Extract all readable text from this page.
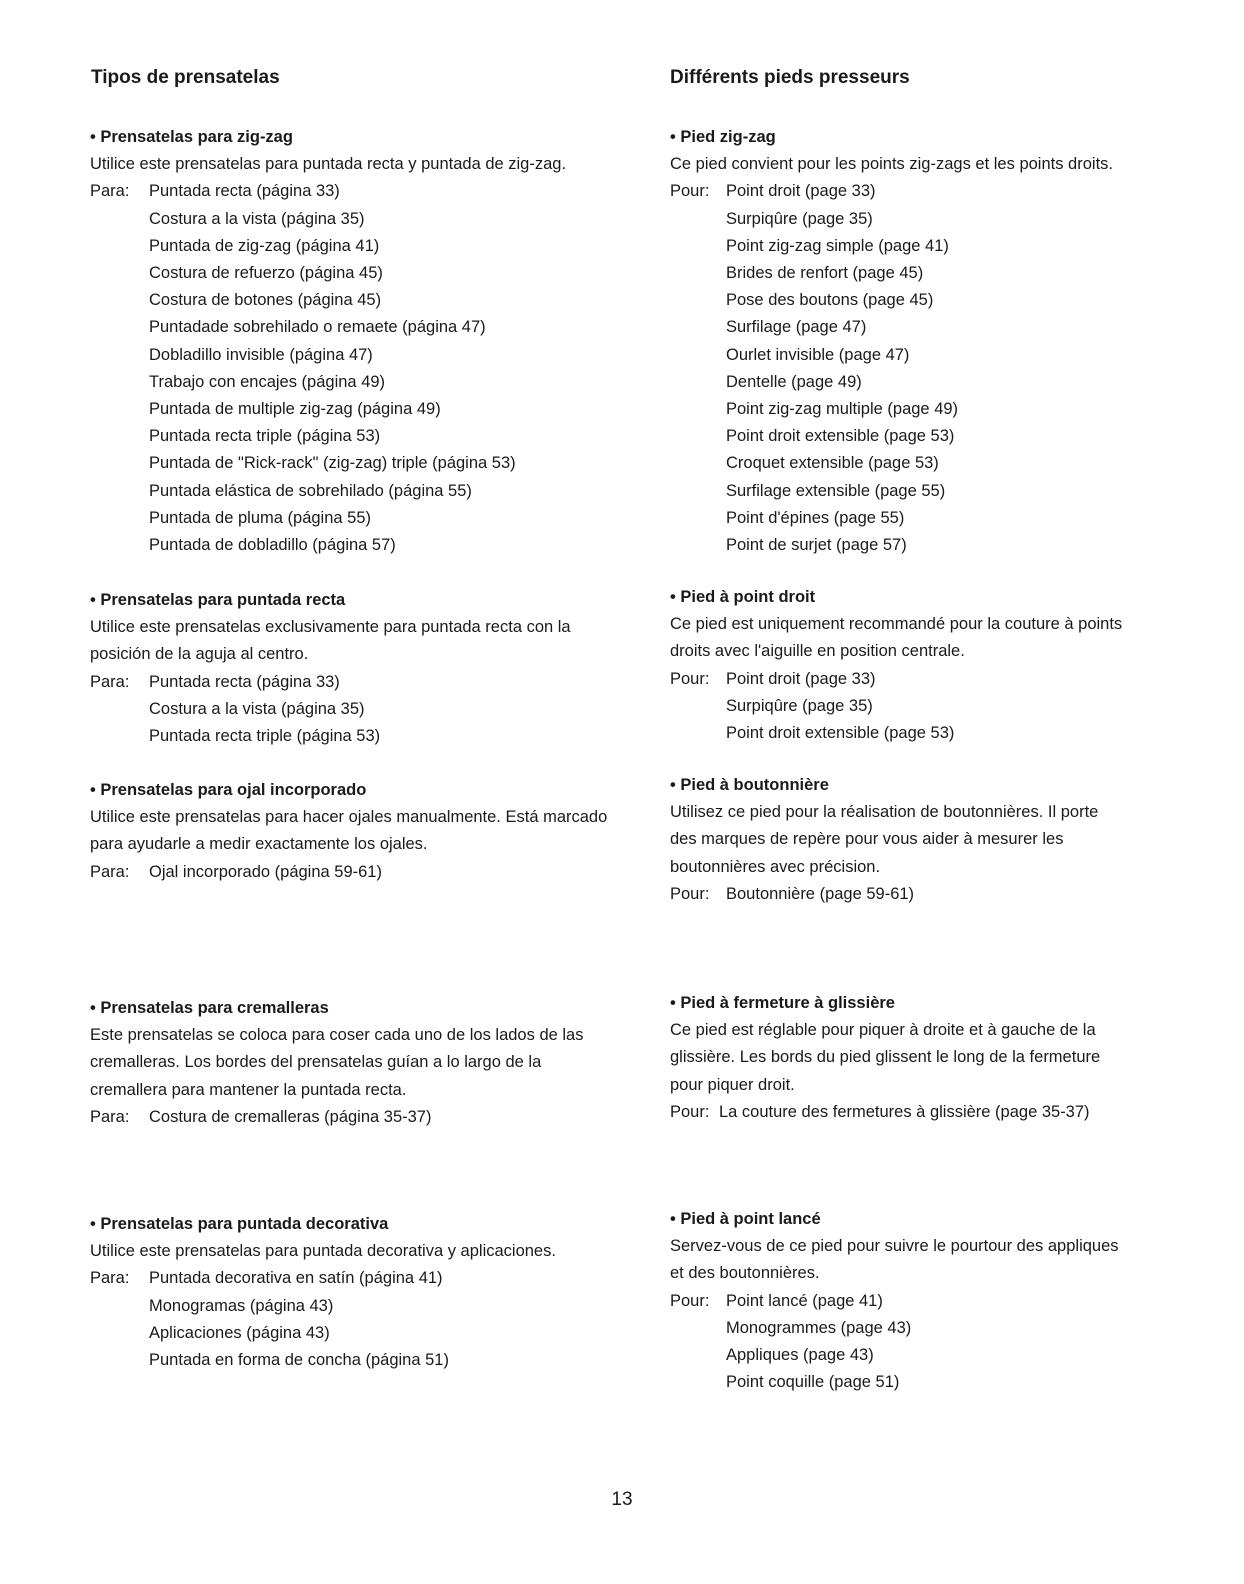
Tipos de prensatelas

• Prensatelas para zig-zag

Utilice este prensatelas para puntada recta y puntada de zig-zag.

Para:	Puntada recta (página 33)
Costura a la vista (página 35)
Puntada de zig-zag (página 41)
Costura de refuerzo (página 45)
Costura de botones (página 45)
Puntadade sobrehilado o remaete (página 47)
Dobladillo invisible (página 47)
Trabajo con encajes (página 49)
Puntada de multiple zig-zag (página 49)
Puntada recta triple (página 53)
Puntada de "Rick-rack" (zig-zag) triple (página 53)
Puntada elástica de sobrehilado (página 55)
Puntada de pluma (página 55)
Puntada de dobladillo (página 57)

• Prensatelas para puntada recta

Utilice este prensatelas exclusivamente para puntada recta con la

posición de la aguja al centro.

Para:	Puntada recta (página 33)
Costura a la vista (página 35)
Puntada recta triple (página 53)

• Prensatelas para ojal incorporado

Utilice este prensatelas para hacer ojales manualmente. Está marcado

para ayudarle a medir exactamente los ojales.

Para:	Ojal incorporado (página 59-61)

• Prensatelas para cremalleras

Este prensatelas se coloca para coser cada uno de los lados de las

cremalleras. Los bordes del prensatelas guían a lo largo de la

cremallera para mantener la puntada recta.

Para:	Costura de cremalleras (página 35-37)

• Prensatelas para puntada decorativa

Utilice este prensatelas para puntada decorativa y aplicaciones.

Para:	Puntada decorativa en satín (página 41)
Monogramas (página 43)
Aplicaciones (página 43)
Puntada en forma de concha (página 51)
Différents pieds presseurs

• Pied zig-zag

Ce pied convient pour les points zig-zags et les points droits.

Pour:	Point droit (page 33)
Surpiqûre (page 35)
Point zig-zag simple (page 41)
Brides de renfort (page 45)
Pose des boutons (page 45)
Surfilage (page 47)
Ourlet invisible (page 47)
Dentelle (page 49)
Point zig-zag multiple (page 49)
Point droit extensible (page 53)
Croquet extensible (page 53)
Surfilage extensible (page 55)
Point d'épines (page 55)
Point de surjet (page 57)

• Pied à point droit

Ce pied est uniquement recommandé pour la couture à points

droits avec l'aiguille en position centrale.

Pour:	Point droit (page 33)
Surpiqûre (page 35)
Point droit extensible (page 53)

• Pied à boutonnière

Utilisez ce pied pour la réalisation de boutonnières. Il porte

des marques de repère pour vous aider à mesurer les

boutonnières avec précision.

Pour:	Boutonnière (page 59-61)

• Pied à fermeture à glissière

Ce pied est réglable pour piquer à droite et à gauche de la

glissière. Les bords du pied glissent le long de la fermeture

pour piquer droit.

Pour: La couture des fermetures à glissière (page 35-37)

• Pied à point lancé

Servez-vous de ce pied pour suivre le pourtour des appliques

et des boutonnières.

Pour:	Point lancé (page 41)
Monogrammes (page 43)
Appliques (page 43)
Point coquille (page 51)

13
